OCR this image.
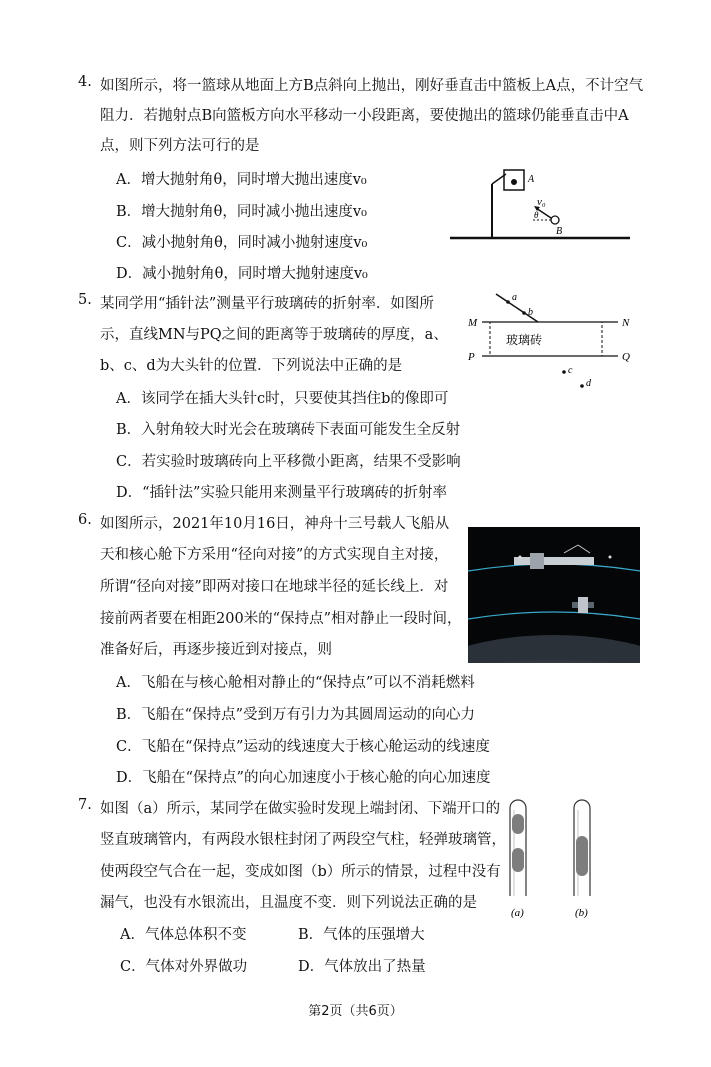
4. 如图所示，将一篮球从地面上方B点斜向上抛出，刚好垂直击中篮板上A点，不计空气
阻力．若抛射点B向篮板方向水平移动一小段距离，要使抛出的篮球仍能垂直击中A
点，则下列方法可行的是
A．增大抛射角θ，同时增大抛出速度v₀
B．增大抛射角θ，同时减小抛出速度v₀
C．减小抛射角θ，同时减小抛射速度v₀
D．减小抛射角θ，同时增大抛射速度v₀
A
v₀
θ
B
5. 某同学用“插针法”测量平行玻璃砖的折射率．如图所
示，直线MN与PQ之间的距离等于玻璃砖的厚度，a、
b、c、d为大头针的位置．下列说法中正确的是
A．该同学在插大头针c时，只要使其挡住b的像即可
B．入射角较大时光会在玻璃砖下表面可能发生全反射
C．若实验时玻璃砖向上平移微小距离，结果不受影响
D．“插针法”实验只能用来测量平行玻璃砖的折射率
玻璃砖
M	N
P	Q
a
b
c
d
6. 如图所示，2021年10月16日，神舟十三号载人飞船从
天和核心舱下方采用“径向对接”的方式实现自主对接，
所谓“径向对接”即两对接口在地球半径的延长线上．对
接前两者要在相距200米的“保持点”相对静止一段时间，
准备好后，再逐步接近到对接点，则
A．飞船在与核心舱相对静止的“保持点”可以不消耗燃料
B．飞船在“保持点”受到万有引力为其圆周运动的向心力
C．飞船在“保持点”运动的线速度大于核心舱运动的线速度
D．飞船在“保持点”的向心加速度小于核心舱的向心加速度
7. 如图（a）所示，某同学在做实验时发现上端封闭、下端开口的
竖直玻璃管内，有两段水银柱封闭了两段空气柱，轻弹玻璃管，
使两段空气合在一起，变成如图（b）所示的情景，过程中没有
漏气，也没有水银流出，且温度不变．则下列说法正确的是
A．气体总体积不变	B．气体的压强增大
C．气体对外界做功	D．气体放出了热量
(a)	(b)
第2页（共6页）
